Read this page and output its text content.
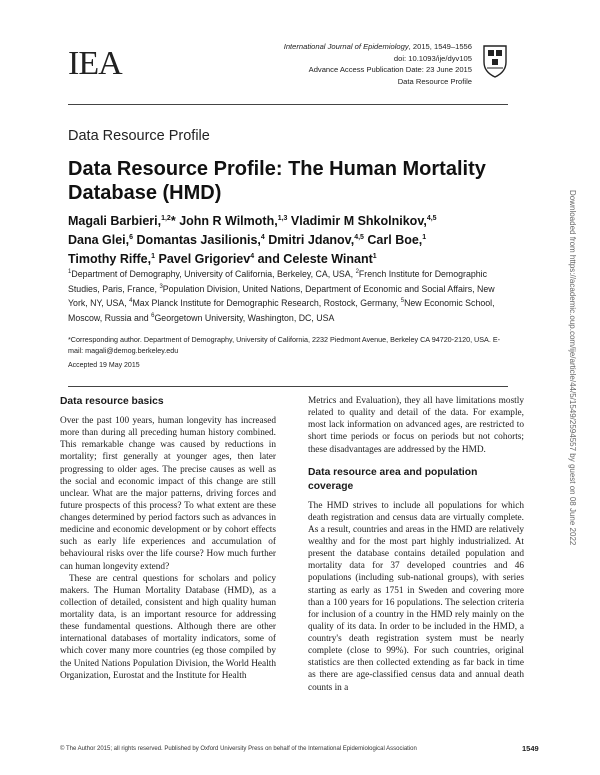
IEA	International Journal of Epidemiology, 2015, 1549–1556
doi: 10.1093/ije/dyv105
Advance Access Publication Date: 23 June 2015
Data Resource Profile
Data Resource Profile
Data Resource Profile: The Human Mortality Database (HMD)
Magali Barbieri,$^{1,2}$* John R Wilmoth,$^{1,3}$ Vladimir M Shkolnikov,$^{4,5}$
Dana Glei,$^6$ Domantas Jasilionis,$^4$ Dmitri Jdanov,$^{4,5}$ Carl Boe,$^1$
Timothy Riffe,$^1$ Pavel Grigoriev$^4$ and Celeste Winant$^1$
$^1$Department of Demography, University of California, Berkeley, CA, USA, $^2$French Institute for Demographic Studies, Paris, France, $^3$Population Division, United Nations, Department of Economic and Social Affairs, New York, NY, USA, $^4$Max Planck Institute for Demographic Research, Rostock, Germany, $^5$New Economic School, Moscow, Russia and $^6$Georgetown University, Washington, DC, USA
*Corresponding author. Department of Demography, University of California, 2232 Piedmont Avenue, Berkeley CA 94720-2120, USA. E-mail: magali@demog.berkeley.edu
Accepted 19 May 2015
Data resource basics

Over the past 100 years, human longevity has increased more than during all preceding human history combined. This remarkable change was caused by reductions in mortality; first generally at younger ages, then later progressing to older ages. The precise causes as well as the social and economic impact of this change are still unclear. What are the major patterns, driving forces and future prospects of this process? To what extent are these changes determined by period factors such as advances in medicine and economic development or by cohort effects such as early life experiences and accumulation of behavioural risks over the life course? How much further can human longevity extend?

These are central questions for scholars and policy makers. The Human Mortality Database (HMD), as a collection of detailed, consistent and high quality human mortality data, is an important resource for addressing these fundamental questions. Although there are other international databases of mortality indicators, some of which cover many more countries (eg those compiled by the United Nations Population Division, the World Health Organization, Eurostat and the Institute for Health

Metrics and Evaluation), they all have limitations mostly related to quality and detail of the data. For example, most lack information on advanced ages, are restricted to short time periods or focus on periods but not cohorts; these disadvantages are addressed by the HMD.

Data resource area and population coverage

The HMD strives to include all populations for which death registration and census data are virtually complete. As a result, countries and areas in the HMD are relatively wealthy and for the most part highly industrialized. At present the database contains detailed population and mortality data for 37 developed countries and 46 populations (including sub-national groups), with series starting as early as 1751 in Sweden and covering more than a 100 years for 16 populations. The selection criteria for inclusion of a country in the HMD rely mainly on the quality of its data. In order to be included in the HMD, a country's death registration system must be nearly complete (close to 99%). For such countries, original statistics are then collected extending as far back in time as there are age-classified census data and annual death counts in a

© The Author 2015; all rights reserved. Published by Oxford University Press on behalf of the International Epidemiological Association	1549
Downloaded from https://academic.oup.com/ije/article/44/5/1549/2594557 by guest on 08 June 2022
